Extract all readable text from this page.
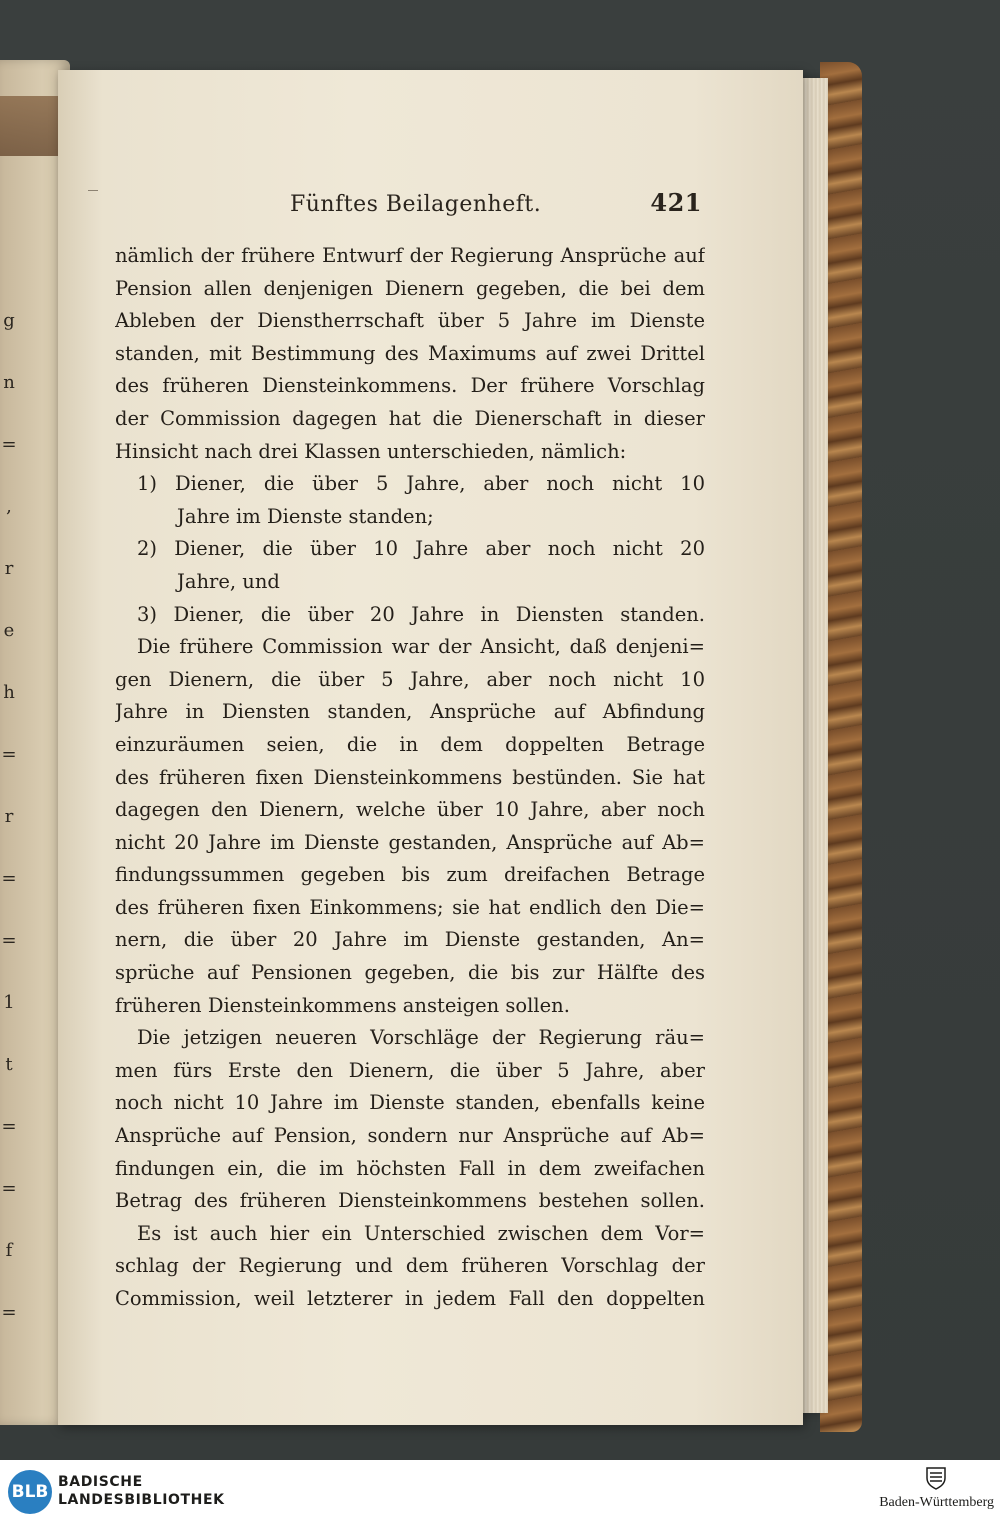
g
n
=
,
r
e
h
=
r
=
=
1
t
=
=
f
=
Fünftes Beilagenheft.	421
nämlich der frühere Entwurf der Regierung Ansprüche auf
Pension allen denjenigen Dienern gegeben, die bei dem
Ableben der Dienstherrschaft über 5 Jahre im Dienste
standen, mit Bestimmung des Maximums auf zwei Drittel
des früheren Diensteinkommens. Der frühere Vorschlag
der Commission dagegen hat die Dienerschaft in dieser
Hinsicht nach drei Klassen unterschieden, nämlich:
1) Diener, die über 5 Jahre, aber noch nicht 10
Jahre im Dienste standen;
2) Diener, die über 10 Jahre aber noch nicht 20
Jahre, und
3) Diener, die über 20 Jahre in Diensten standen.
Die frühere Commission war der Ansicht, daß denjeni=
gen Dienern, die über 5 Jahre, aber noch nicht 10
Jahre in Diensten standen, Ansprüche auf Abfindung
einzuräumen seien, die in dem doppelten Betrage
des früheren fixen Diensteinkommens bestünden. Sie hat
dagegen den Dienern, welche über 10 Jahre, aber noch
nicht 20 Jahre im Dienste gestanden, Ansprüche auf Ab=
findungssummen gegeben bis zum dreifachen Betrage
des früheren fixen Einkommens; sie hat endlich den Die=
nern, die über 20 Jahre im Dienste gestanden, An=
sprüche auf Pensionen gegeben, die bis zur Hälfte des
früheren Diensteinkommens ansteigen sollen.
Die jetzigen neueren Vorschläge der Regierung räu=
men fürs Erste den Dienern, die über 5 Jahre, aber
noch nicht 10 Jahre im Dienste standen, ebenfalls keine
Ansprüche auf Pension, sondern nur Ansprüche auf Ab=
findungen ein, die im höchsten Fall in dem zweifachen
Betrag des früheren Diensteinkommens bestehen sollen.
Es ist auch hier ein Unterschied zwischen dem Vor=
schlag der Regierung und dem früheren Vorschlag der
Commission, weil letzterer in jedem Fall den doppelten
BLB BADISCHE
LANDESBIBLIOTHEK	Baden-Württemberg
